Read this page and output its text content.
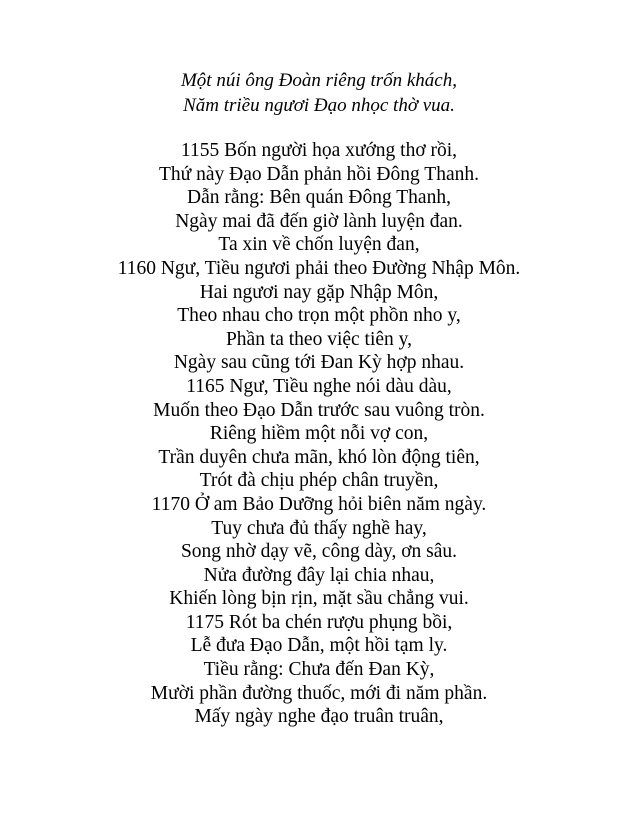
Một núi ông Đoàn riêng trốn khách,
Năm triều ngươi Đạo nhọc thờ vua.
1155 Bốn người họa xướng thơ rồi,
Thứ này Đạo Dẫn phản hồi Đông Thanh.
Dẫn rằng: Bên quán Đông Thanh,
Ngày mai đã đến giờ lành luyện đan.
Ta xin về chốn luyện đan,
1160 Ngư, Tiều ngươi phải theo Đường Nhập Môn.
Hai ngươi nay gặp Nhập Môn,
Theo nhau cho trọn một phồn nho y,
Phần ta theo việc tiên y,
Ngày sau cũng tới Đan Kỳ hợp nhau.
1165 Ngư, Tiều nghe nói dàu dàu,
Muốn theo Đạo Dẫn trước sau vuông tròn.
Riêng hiềm một nỗi vợ con,
Trần duyên chưa mãn, khó lòn động tiên,
Trót đà chịu phép chân truyền,
1170 Ở am Bảo Dưỡng hỏi biên năm ngày.
Tuy chưa đủ thấy nghề hay,
Song nhờ dạy vẽ, công dày, ơn sâu.
Nửa đường đây lại chia nhau,
Khiến lòng bịn rịn, mặt sầu chẳng vui.
1175 Rót ba chén rượu phụng bồi,
Lễ đưa Đạo Dẫn, một hồi tạm ly.
Tiều rằng: Chưa đến Đan Kỳ,
Mười phần đường thuốc, mới đi năm phần.
Mấy ngày nghe đạo truân truân,
